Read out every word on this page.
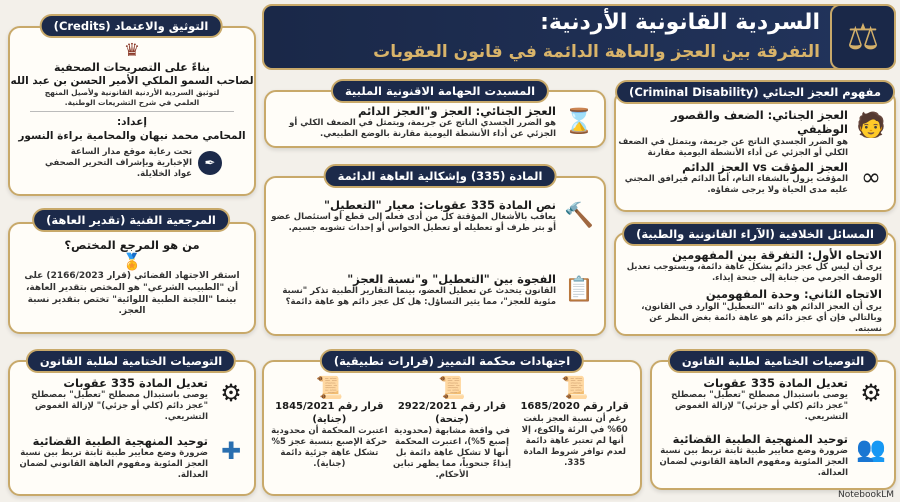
⚖
السردية القانونية الأردنية:
التفرقة بين العجز والعاهة الدائمة في قانون العقوبات
♛
بناءً على التصريحات الصحفية
لصاحب السمو الملكي الأمير الحسن بن عبد الله
لتوثيق السردية الأردنية القانونية ولأصيل المنهج العلمي في شرح التشريعات الوطنية.
إعداد:
المحامي محمد نبهان والمحامية براءة النسور
✒
تحت رعاية موقع مدار الساعة الإخبارية وبإشراف التحرير الصحفي عواد الخلايلة.
التوثيق والاعتماد (Credits)
من هو المرجع المختص؟
🏅
استقر الاجتهاد القضائي (قرار 2166/2023) على أن "الطبيب الشرعي" هو المختص بتقدير العاهة، بينما "اللجنة الطبية اللوائية" تختص بتقدير نسبة العجز.
المرجعية الفنية (تقدير العاهة)
⌛
العجز الجنائي: العجز و"العجز الدائم
هو الضرر الجسدي الناتج عن جريمة، ويتمثل في الضعف الكلي أو الجزئي عن أداء الأنشطة اليومية مقارنة بالوضع الطبيعي.
المسبدت الحهامة الاقنونية الملبية
🔨
نص المادة 335 عقوبات: معيار "التعطيل"
يعاقب بالأشغال المؤقتة كل من أدى فعله إلى قطع أو استئصال عضو أو بتر طرف أو تعطيله أو تعطيل الحواس أو إحداث تشويه جسيم.
📋
الفجوة بين "التعطيل" و"نسبة العجز"
القانون يتحدث عن تعطيل العضو، بينما التقارير الطبية تذكر "نسبة مئوية للعجز"، مما يثير التساؤل: هل كل عجز دائم هو عاهة دائمة؟
المادة (335) وإشكالية العاهة الدائمة
🧑
العجز الجنائي: الضعف والقصور الوظيفي
هو الضرر الجسدي الناتج عن جريمة، ويتمثل في الضعف الكلي أو الجزئي عن أداء الأنشطة اليومية مقارنة
∞
العجز المؤقت vs العجز الدائم
المؤقت يزول بالشفاء التام، أما الدائم فيرافق المجني عليه مدى الحياة ولا يرجى شفاؤه.
مفهوم العجز الجنائي (Criminal Disability)
الاتجاه الأول: التفرقة بين المفهومين
يرى أن ليس كل عجز دائم يشكل عاهة دائمة، ويستوجب تعديل الوصف الجرمي من جناية إلى جنحة إيذاء.
الاتجاه الثاني: وحدة المفهومين
يرى أن العجز الدائم هو ذاته "التعطيل" الوارد في القانون، وبالتالي فإن أي عجز دائم هو عاهة دائمة بغض النظر عن نسبته.
المسائل الخلافية (الآراء القانونية والطبية)
⚙
تعديل المادة 335 عقوبات
يوصى باستبدال مصطلح "تعطيل" بمصطلح "عجز دائم (كلي أو جزئي)" لإزالة الغموض التشريعي.
✚
توحيد المنهجية الطبية القضائية
ضرورة وضع معايير طبية ثابتة تربط بين نسبة العجز المئوية ومفهوم العاهة القانوني لضمان العدالة.
التوصيات الختامية لطلبة القانون
📜
قرار رقم 1685/2020
رغم أن نسبة العجز بلغت 60% في الرئة والكوع، إلا أنها لم تعتبر عاهة دائمة لعدم توافر شروط المادة 335.
📜
قرار رقم 2922/2021 (جنحة)
في واقعة مشابهة (محدودية إصبع 5%)، اعتبرت المحكمة أنها لا تشكل عاهة دائمة بل إيذاءً جنحوياً، مما يظهر تباين الأحكام.
📜
قرار رقم 1845/2021 (جناية)
اعتبرت المحكمة أن محدودية حركة الإصبع بنسبة عجز 5% تشكل عاهة جزئية دائمة (جناية).
اجتهادات محكمة التمييز (قرارات تطبيقية)
⚙
تعديل المادة 335 عقوبات
يوصى باستبدال مصطلح "تعطيل" بمصطلح "عجز دائم (كلي أو جزئي)" لإزالة الغموض التشريعي.
👥
توحيد المنهجية الطبية القضائية
ضرورة وضع معايير طبية ثابتة تربط بين نسبة العجز المئوية ومفهوم العاهة القانوني لضمان العدالة.
التوصيات الختامية لطلبة القانون
NotebookLM
